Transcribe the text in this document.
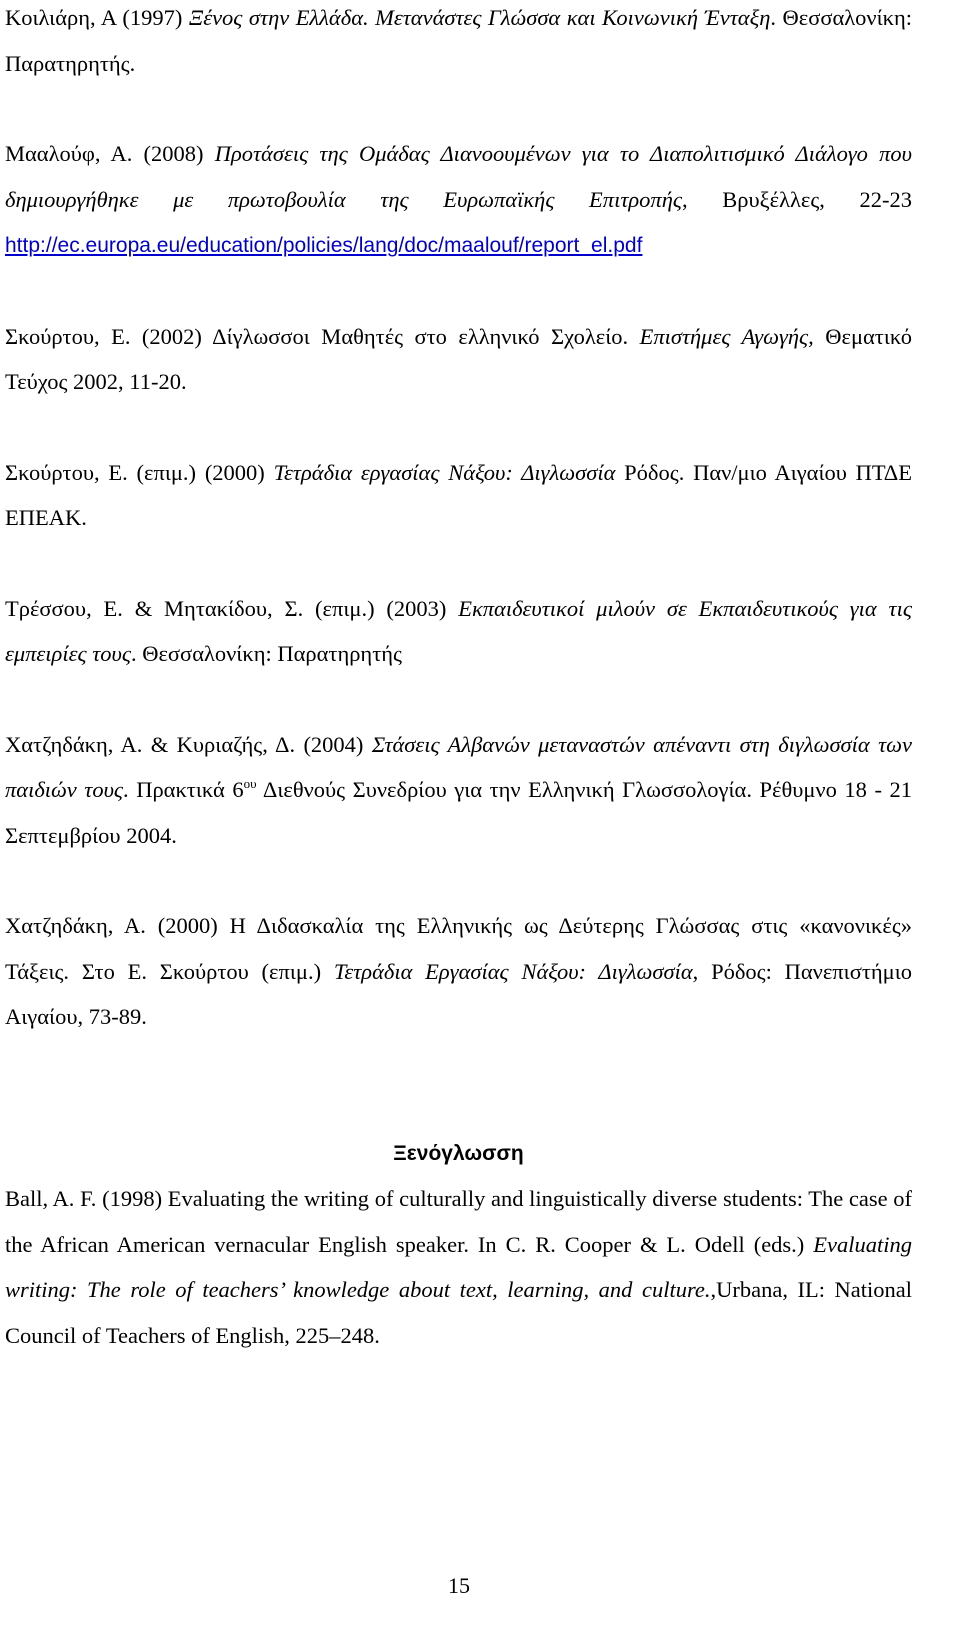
Κοιλιάρη, Α (1997) Ξένος στην Ελλάδα. Μετανάστες Γλώσσα και Κοινωνική Ένταξη. Θεσσαλονίκη: Παρατηρητής.

Μααλούφ, Α. (2008) Προτάσεις της Ομάδας Διανοουμένων για το Διαπολιτισμικό Διάλογο που δημιουργήθηκε με πρωτοβουλία της Ευρωπαϊκής Επιτροπής, Βρυξέλλες, 22-23 http://ec.europa.eu/education/policies/lang/doc/maalouf/report_el.pdf

Σκούρτου, Ε. (2002) Δίγλωσσοι Μαθητές στο ελληνικό Σχολείο. Επιστήμες Αγωγής, Θεματικό Τεύχος 2002, 11-20.

Σκούρτου, Ε. (επιμ.) (2000) Τετράδια εργασίας Νάξου: Διγλωσσία Ρόδος. Παν/μιο Αιγαίου ΠΤΔΕ ΕΠΕΑΚ.

Τρέσσου, Ε. & Μητακίδου, Σ. (επιμ.) (2003) Εκπαιδευτικοί μιλούν σε Εκπαιδευτικούς για τις εμπειρίες τους. Θεσσαλονίκη: Παρατηρητής

Χατζηδάκη, Α. & Κυριαζής, Δ. (2004) Στάσεις Αλβανών μεταναστών απέναντι στη διγλωσσία των παιδιών τους. Πρακτικά $6^{o\upsilon}$ Διεθνούς Συνεδρίου για την Ελληνική Γλωσσολογία. Ρέθυμνο 18 - 21 Σεπτεμβρίου 2004.

Χατζηδάκη, Α. (2000) Η Διδασκαλία της Ελληνικής ως Δεύτερης Γλώσσας στις «κανονικές» Τάξεις. Στο Ε. Σκούρτου (επιμ.) Τετράδια Εργασίας Νάξου: Διγλωσσία, Ρόδος: Πανεπιστήμιο Αιγαίου, 73-89.

Ξενόγλωσση

Ball, A. F. (1998) Evaluating the writing of culturally and linguistically diverse students: The case of the African American vernacular English speaker. In C. R. Cooper & L. Odell (eds.) Evaluating writing: The role of teachers’ knowledge about text, learning, and culture.,Urbana, IL: National Council of Teachers of English, 225–248.

15
